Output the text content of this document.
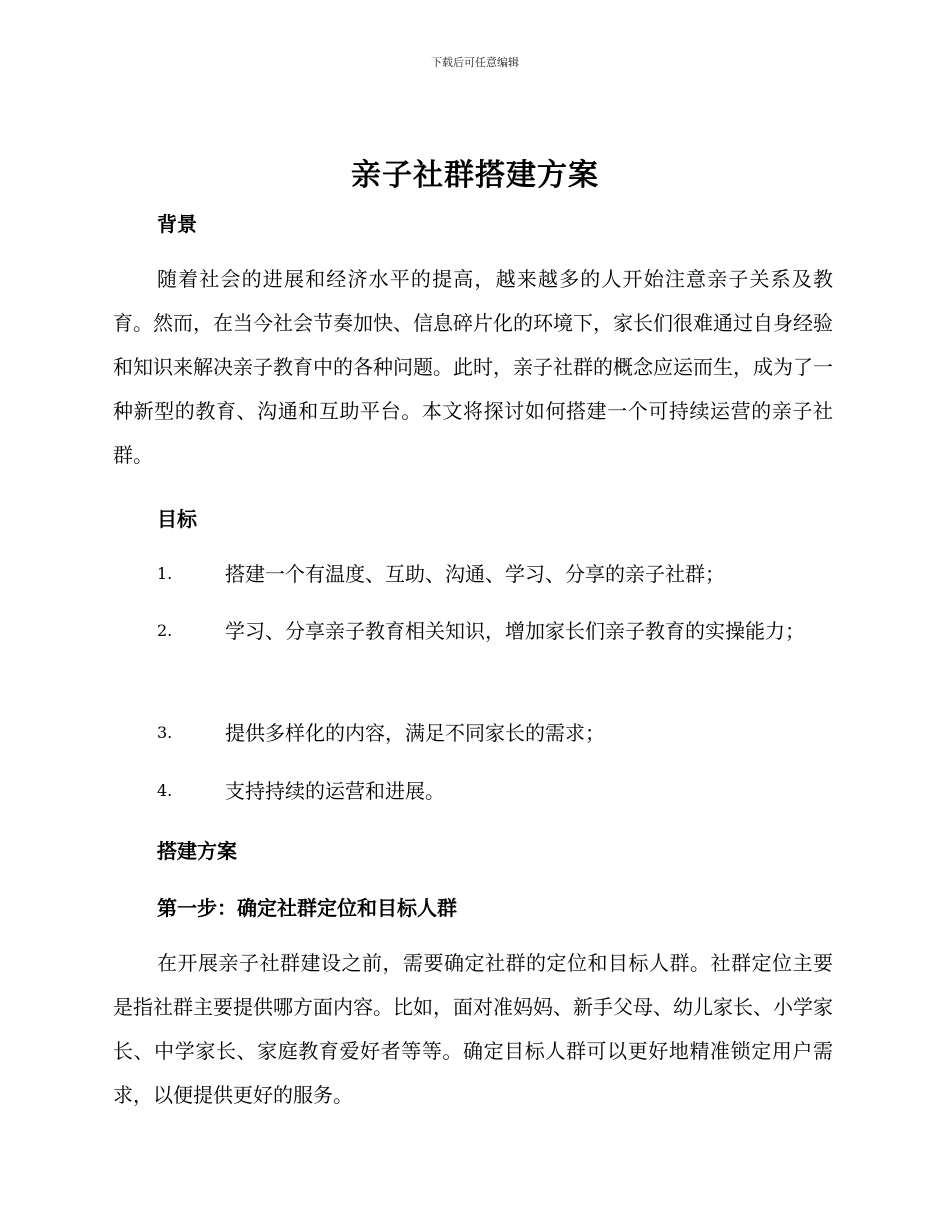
下载后可任意编辑
亲子社群搭建方案
背景
随着社会的进展和经济水平的提高，越来越多的人开始注意亲子关系及教育。然而，在当今社会节奏加快、信息碎片化的环境下，家长们很难通过自身经验和知识来解决亲子教育中的各种问题。此时，亲子社群的概念应运而生，成为了一种新型的教育、沟通和互助平台。本文将探讨如何搭建一个可持续运营的亲子社群。
目标
1.	搭建一个有温度、互助、沟通、学习、分享的亲子社群；
2.	学习、分享亲子教育相关知识，增加家长们亲子教育的实操能力；
3.	提供多样化的内容，满足不同家长的需求；
4.	支持持续的运营和进展。
搭建方案
第一步：确定社群定位和目标人群
在开展亲子社群建设之前，需要确定社群的定位和目标人群。社群定位主要是指社群主要提供哪方面内容。比如，面对准妈妈、新手父母、幼儿家长、小学家长、中学家长、家庭教育爱好者等等。确定目标人群可以更好地精准锁定用户需求，以便提供更好的服务。
